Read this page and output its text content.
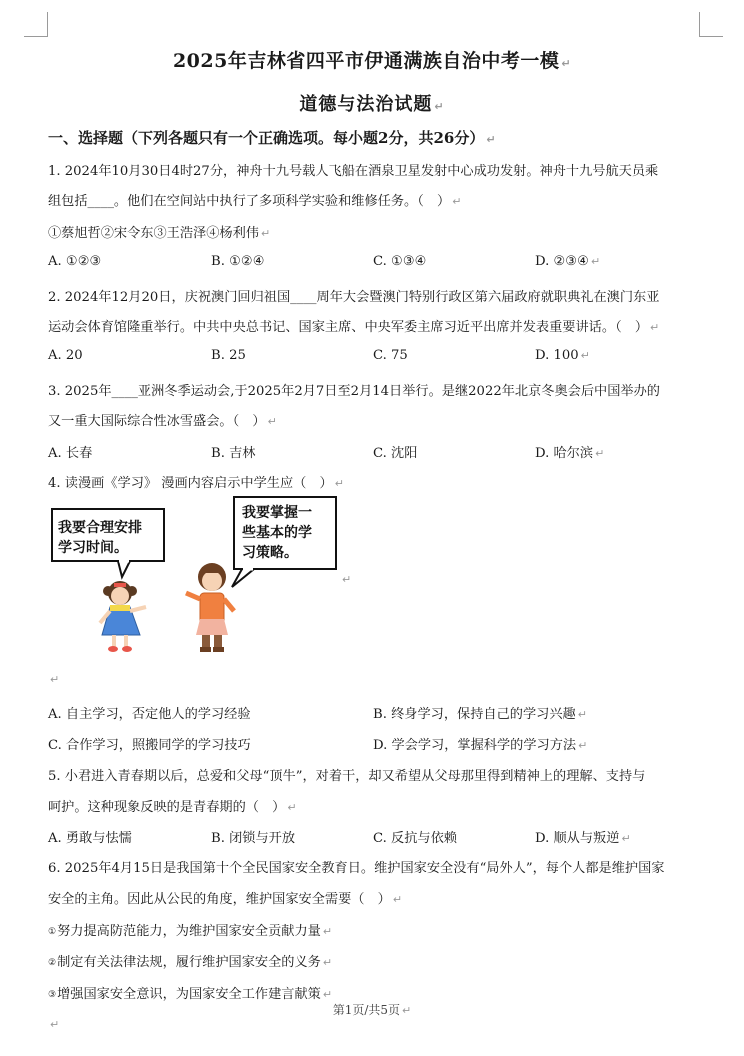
2025年吉林省四平市伊通满族自治中考一模 ↵
道德与法治试题 ↵
一、选择题（下列各题只有一个正确选项。每小题2分，共26分） ↵
1. 2024年10月30日4时27分，神舟十九号载人飞船在酒泉卫星发射中心成功发射。神舟十九号航天员乘
组包括____。他们在空间站中执行了多项科学实验和维修任务。（　） ↵
①蔡旭哲②宋令东③王浩泽④杨利伟 ↵
A. ①②③	B. ①②④	C. ①③④	D. ②③④ ↵
2. 2024年12月20日，庆祝澳门回归祖国____周年大会暨澳门特别行政区第六届政府就职典礼在澳门东亚
运动会体育馆隆重举行。中共中央总书记、国家主席、中央军委主席习近平出席并发表重要讲话。（　） ↵
A. 20	B. 25	C. 75	D. 100 ↵
3. 2025年____亚洲冬季运动会,于2025年2月7日至2月14日举行。是继2022年北京冬奥会后中国举办的
又一重大国际综合性冰雪盛会。（　） ↵
A. 长春	B. 吉林	C. 沈阳	D. 哈尔滨 ↵
4. 读漫画《学习》 漫画内容启示中学生应（　） ↵
我要合理安排
学习时间。
我要掌握一
些基本的学
习策略。
↵
↵
A. 自主学习，否定他人的学习经验	B. 终身学习，保持自己的学习兴趣 ↵
C. 合作学习，照搬同学的学习技巧	D. 学会学习，掌握科学的学习方法 ↵
5. 小君进入青春期以后，总爱和父母“顶牛”，对着干，却又希望从父母那里得到精神上的理解、支持与
呵护。这种现象反映的是青春期的（　） ↵
A. 勇敢与怯懦	B. 闭锁与开放	C. 反抗与依赖	D. 顺从与叛逆 ↵
6. 2025年4月15日是我国第十个全民国家安全教育日。维护国家安全没有“局外人”，每个人都是维护国家
安全的主角。因此从公民的角度，维护国家安全需要（　） ↵
①努力提高防范能力，为维护国家安全贡献力量 ↵
②制定有关法律法规，履行维护国家安全的义务 ↵
③增强国家安全意识，为国家安全工作建言献策 ↵
第1页/共5页 ↵
↵
